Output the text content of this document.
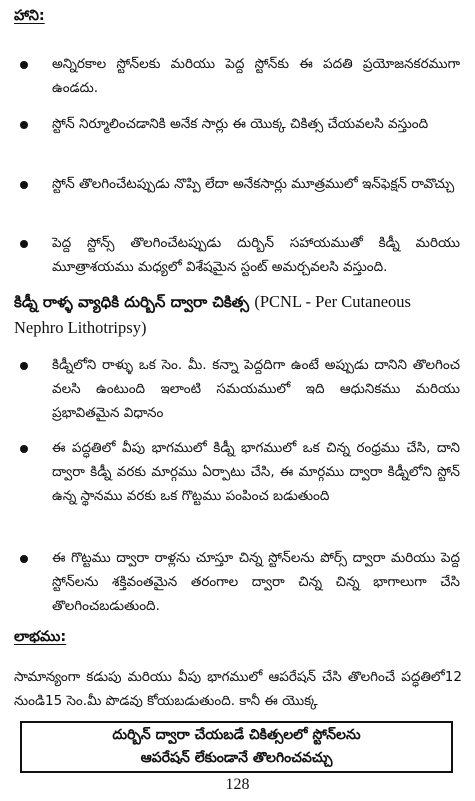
హాని:
అన్నిరకాల స్టోన్‌లకు మరియు పెద్ద స్టోన్‌కు ఈ పదతి ప్రయోజనకరముగా ఉండదు.
స్టోన్ నిర్మూలించడానికి అనేక సార్లు ఈ యొక్క చికిత్స చేయవలసి వస్తుంది
స్టోన్ తొలగించేటప్పుడు నొప్పి లేదా అనేకసార్లు మూత్రములో ఇన్‌ఫెక్షన్ రావొచ్చు
పెద్ద స్టోన్స్ తొలగించేటప్పుడు దుర్బిన్ సహాయముతో కిడ్నీ మరియు మూత్రాశయము మధ్యలో విశేషమైన స్టంట్ అమర్చవలసి వస్తుంది.
కిడ్నీ రాళ్ళ వ్యాధికి దుర్బిన్ ద్వారా చికిత్స (PCNL - Per Cutaneous Nephro Lithotripsy)
కిడ్నీలోని రాళ్ళు ఒక సెం. మీ. కన్నా పెద్దదిగా ఉంటే అప్పుడు దానిని తొలగించ వలసి ఉంటుంది ఇలాంటి సమయములో ఇది ఆధునికము మరియు ప్రభావితమైన విధానం
ఈ పద్ధతిలో వీపు భాగములో కిడ్నీ భాగములో ఒక చిన్న రంధ్రము చేసి, దాని ద్వారా కిడ్నీ వరకు మార్గము ఏర్పాటు చేసి, ఈ మార్గము ద్వారా కిడ్నీలోని స్టోన్ ఉన్న స్థానము వరకు ఒక గొట్టము పంపించ బడుతుంది
ఈ గొట్టము ద్వారా రాళ్లను చూస్తూ చిన్న స్టోన్‌లను పోర్స్ ద్వారా మరియు పెద్ద స్టోన్‌లను శక్తివంతమైన తరంగాల ద్వారా చిన్న చిన్న భాగాలుగా చేసి తొలగించబడుతుంది.
లాభము:
సామాన్యంగా కడుపు మరియు వీపు భాగములో ఆపరేషన్ చేసి తొలగించే పద్ధతిలో12 నుండి15 సెం.మీ పొడవు కోయబడుతుంది. కానీ ఈ యొక్క
దుర్బిన్ ద్వారా చేయబడే చికిత్సలలో స్టోన్‌లను
ఆపరేషన్ లేకుండానే తొలగించవచ్చు
128
